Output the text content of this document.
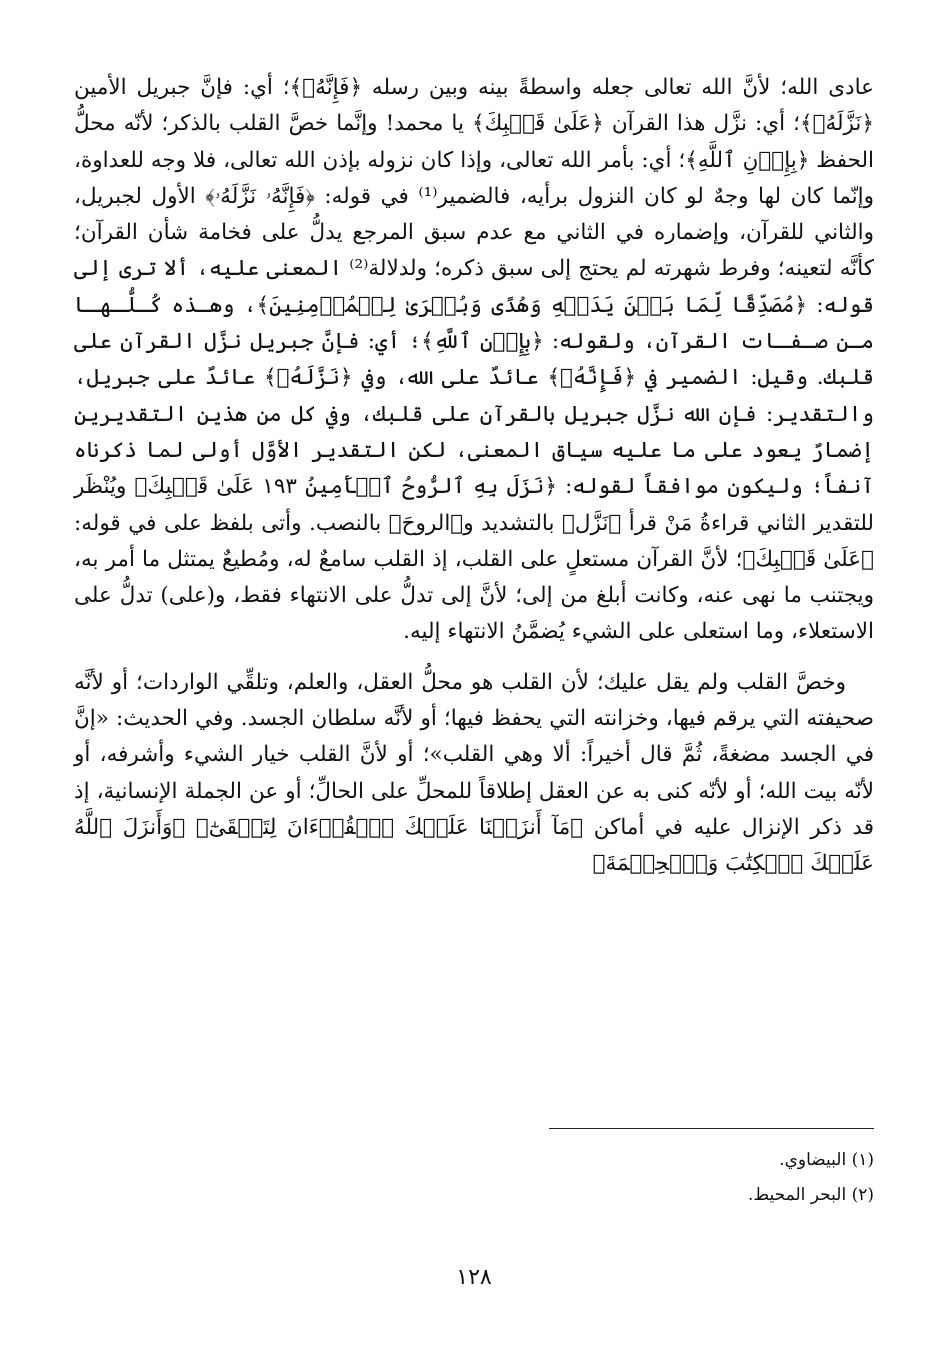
عادى الله؛ لأنَّ الله تعالى جعله واسطةً بينه وبين رسله ﴿فَإِنَّهُۥ﴾؛ أي: فإنَّ جبريل الأمين ﴿نَزَّلَهُۥ﴾؛ أي: نزَّل هذا القرآن ﴿عَلَىٰ قَلۡبِكَ﴾ يا محمد! وإنَّما خصَّ القلب بالذكر؛ لأنّه محلُّ الحفظ ﴿بِإِذۡنِ ٱللَّهِ﴾؛ أي: بأمر الله تعالى، وإذا كان نزوله بإذن الله تعالى، فلا وجه للعداوة، وإنّما كان لها وجهٌ لو كان النزول برأيه، فالضمير⁽¹⁾ في قوله: ﴿فَإِنَّهُۥ نَزَّلَهُۥ﴾ الأول لجبريل، والثاني للقرآن، وإضماره في الثاني مع عدم سبق المرجع يدلُّ على فخامة شأن القرآن؛ كأنَّه لتعينه؛ وفرط شهرته لم يحتج إلى سبق ذكره؛ ولدلالة⁽²⁾ المعنى عليه، ألا ترى إلى قوله: ﴿مُصَدِّقًا لِّمَا بَيۡنَ يَدَيۡهِ وَهُدًى وَبُشۡرَىٰ لِلۡمُؤۡمِنِينَ﴾، وهـذه كُـلُّـهـا مـن صـفـات القرآن، ولقوله: ﴿بِإِذۡنِ ٱللَّهِ﴾؛ أي: فإنَّ جبريل نزَّل القرآن على قلبك. وقيل: الضمير في ﴿فَإِنَّهُۥ﴾ عائدٌ على الله، وفي ﴿نَزَّلَهُۥ﴾ عائدٌ على جبريل، والتقدير: فإن الله نزَّل جبريل بالقرآن على قلبك، وفي كل من هذين التقديرين إضمارٌ يعود على ما عليه سياق المعنى، لكن التقدير الأوَّل أولى لما ذكرناه آنفاً؛ وليكون موافقاً لقوله: ﴿نَزَلَ بِهِ ٱلرُّوحُ ٱلۡأَمِينُ ١٩٣ عَلَىٰ قَلۡبِكَ﴾ ويُنْظَر للتقدير الثاني قراءةُ مَنْ قرأ ﴿نَزَّل﴾ بالتشديد و﴿الروحَ﴾ بالنصب. وأتى بلفظ على في قوله: ﴿عَلَىٰ قَلۡبِكَ﴾؛ لأنَّ القرآن مستعلٍ على القلب، إذ القلب سامعٌ له، ومُطيعٌ يمتثل ما أمر به، ويجتنب ما نهى عنه، وكانت أبلغ من إلى؛ لأنَّ إلى تدلُّ على الانتهاء فقط، و(على) تدلُّ على الاستعلاء، وما استعلى على الشيء يُضمَّنُ الانتهاء إليه.

وخصَّ القلب ولم يقل عليك؛ لأن القلب هو محلُّ العقل، والعلم، وتلقِّي الواردات؛ أو لأنَّه صحيفته التي يرقم فيها، وخزانته التي يحفظ فيها؛ أو لأنَّه سلطان الجسد. وفي الحديث: «إنَّ في الجسد مضغةً، ثُمَّ قال أخيراً: ألا وهي القلب»؛ أو لأنَّ القلب خيار الشيء وأشرفه، أو لأنّه بيت الله؛ أو لأنّه كنى به عن العقل إطلاقاً للمحلِّ على الحالِّ؛ أو عن الجملة الإنسانية، إذ قد ذكر الإنزال عليه في أماكن ﴿مَآ أَنزَلۡنَا عَلَيۡكَ ٱلۡقُرۡءَانَ لِتَشۡقَىٰٓ﴾ ﴿وَأَنزَلَ ٱللَّهُ عَلَيۡكَ ٱلۡكِتَٰبَ وَٱلۡحِكۡمَةَ﴾

(١) البيضاوي.
(٢) البحر المحيط.
١٢٨
